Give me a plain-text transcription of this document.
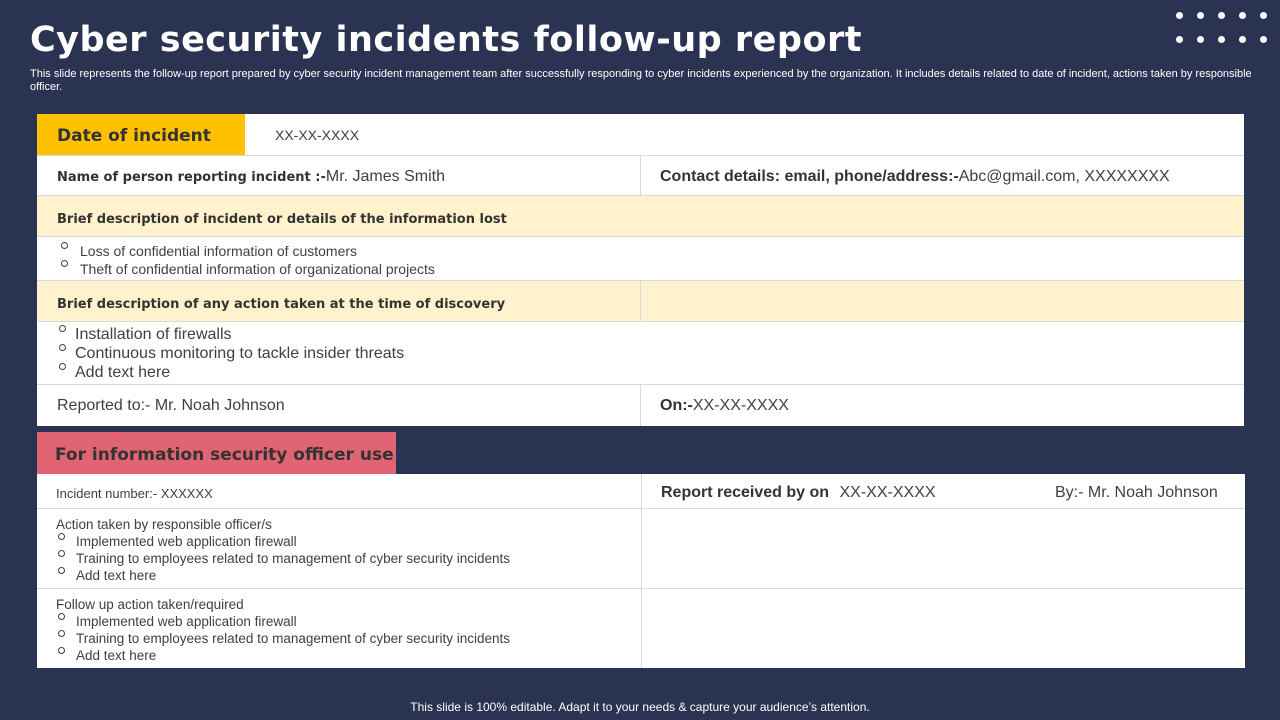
Cyber security incidents follow-up report
This slide represents the follow-up report prepared by cyber security incident management team after successfully responding to cyber incidents experienced by the organization. It includes details related to date of incident, actions taken by responsible officer.
Date of incident	XX-XX-XXXX
Name of person reporting incident :-Mr. James Smith	Contact details: email, phone/address:-Abc@gmail.com, XXXXXXXX
Brief description of incident or details of the information lost
Loss of confidential information of customers
Theft of confidential information of organizational projects
Brief description of any action taken at the time of discovery
Installation of firewalls
Continuous monitoring to tackle insider threats
Add text here
Reported to:- Mr. Noah Johnson	On:-XX-XX-XXXX
For information security officer use
Incident number:- XXXXXX	Report received by on XX-XX-XXXX	By:- Mr. Noah Johnson
Action taken by responsible officer/s
Implemented web application firewall
Training to employees related to management of cyber security incidents
Add text here
Follow up action taken/required
Implemented web application firewall
Training to employees related to management of cyber security incidents
Add text here
This slide is 100% editable. Adapt it to your needs & capture your audience’s attention.
